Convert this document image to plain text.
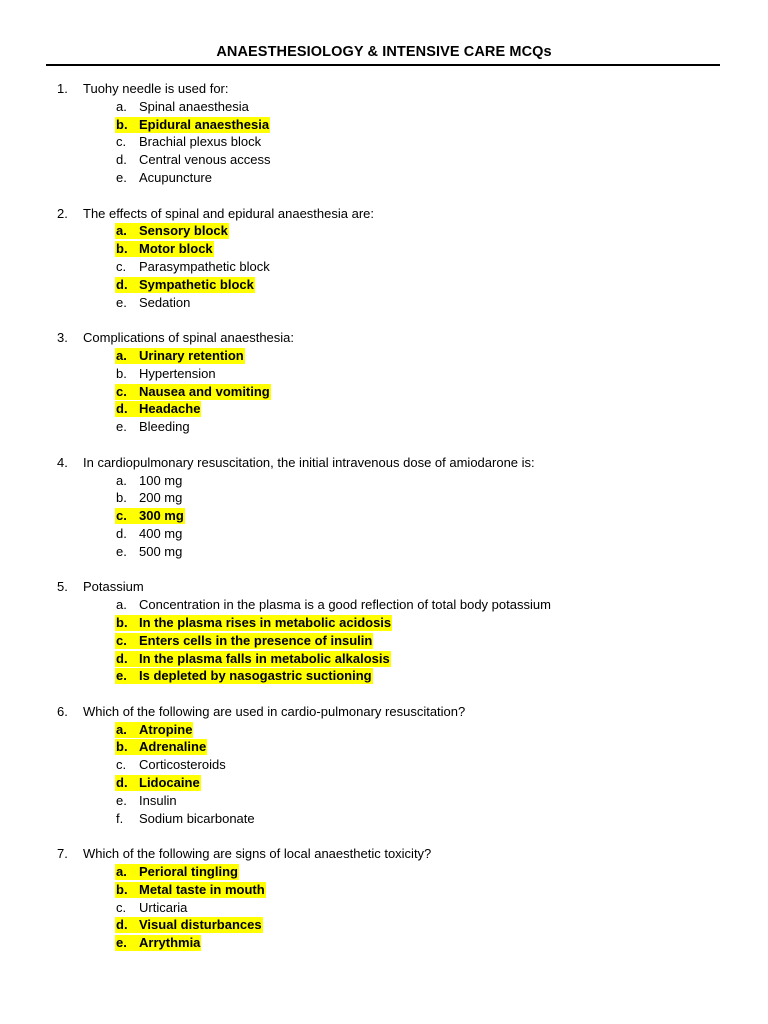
ANAESTHESIOLOGY & INTENSIVE CARE MCQs
1. Tuohy needle is used for:
a. Spinal anaesthesia
b. Epidural anaesthesia
c. Brachial plexus block
d. Central venous access
e. Acupuncture
2. The effects of spinal and epidural anaesthesia are:
a. Sensory block
b. Motor block
c. Parasympathetic block
d. Sympathetic block
e. Sedation
3. Complications of spinal anaesthesia:
a. Urinary retention
b. Hypertension
c. Nausea and vomiting
d. Headache
e. Bleeding
4. In cardiopulmonary resuscitation, the initial intravenous dose of amiodarone is:
a. 100 mg
b. 200 mg
c. 300 mg
d. 400 mg
e. 500 mg
5. Potassium
a. Concentration in the plasma is a good reflection of total body potassium
b. In the plasma rises in metabolic acidosis
c. Enters cells in the presence of insulin
d. In the plasma falls in metabolic alkalosis
e. Is depleted by nasogastric suctioning
6. Which of the following are used in cardio-pulmonary resuscitation?
a. Atropine
b. Adrenaline
c. Corticosteroids
d. Lidocaine
e. Insulin
f. Sodium bicarbonate
7. Which of the following are signs of local anaesthetic toxicity?
a. Perioral tingling
b. Metal taste in mouth
c. Urticaria
d. Visual disturbances
e. Arrythmia
